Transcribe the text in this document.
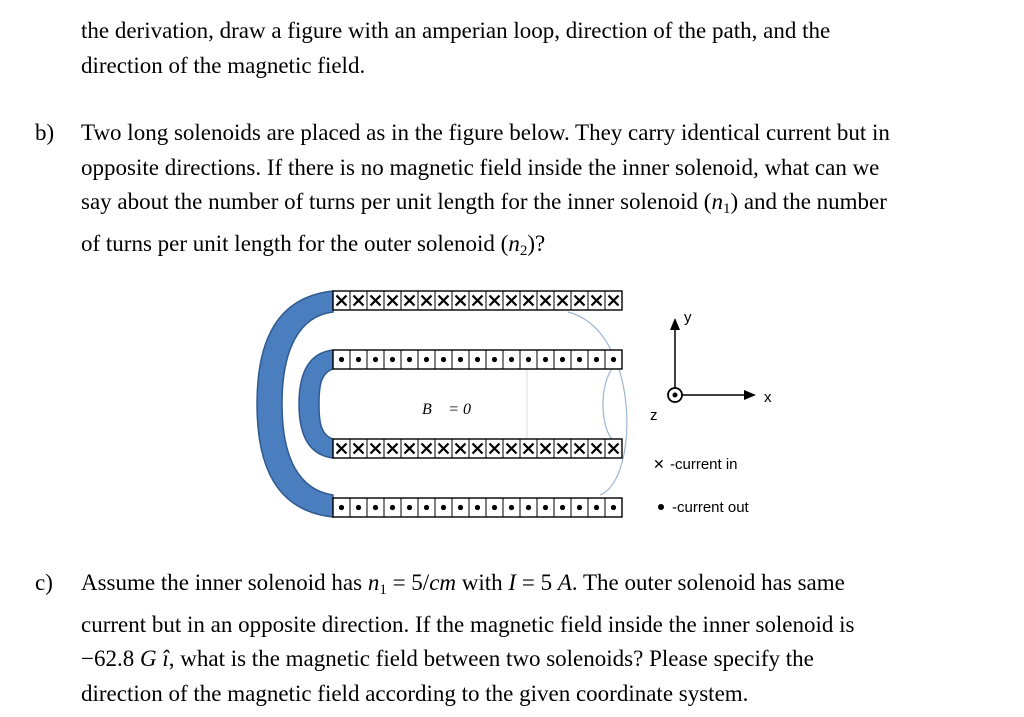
the derivation, draw a figure with an amperian loop, direction of the path, and the

direction of the magnetic field.

b) Two long solenoids are placed as in the figure below. They carry identical current but in

opposite directions. If there is no magnetic field inside the inner solenoid, what can we

say about the number of turns per unit length for the inner solenoid $(n_1)$ and the number

of turns per unit length for the outer solenoid $(n_2)$?

B⃗ = 0
y
x
z
✕ -current in
-current out
c) Assume the inner solenoid has $n_1 = 5/cm$ with I = 5 A. The outer solenoid has same

current but in an opposite direction. If the magnetic field inside the inner solenoid is

−62.8 G î, what is the magnetic field between two solenoids? Please specify the

direction of the magnetic field according to the given coordinate system.
